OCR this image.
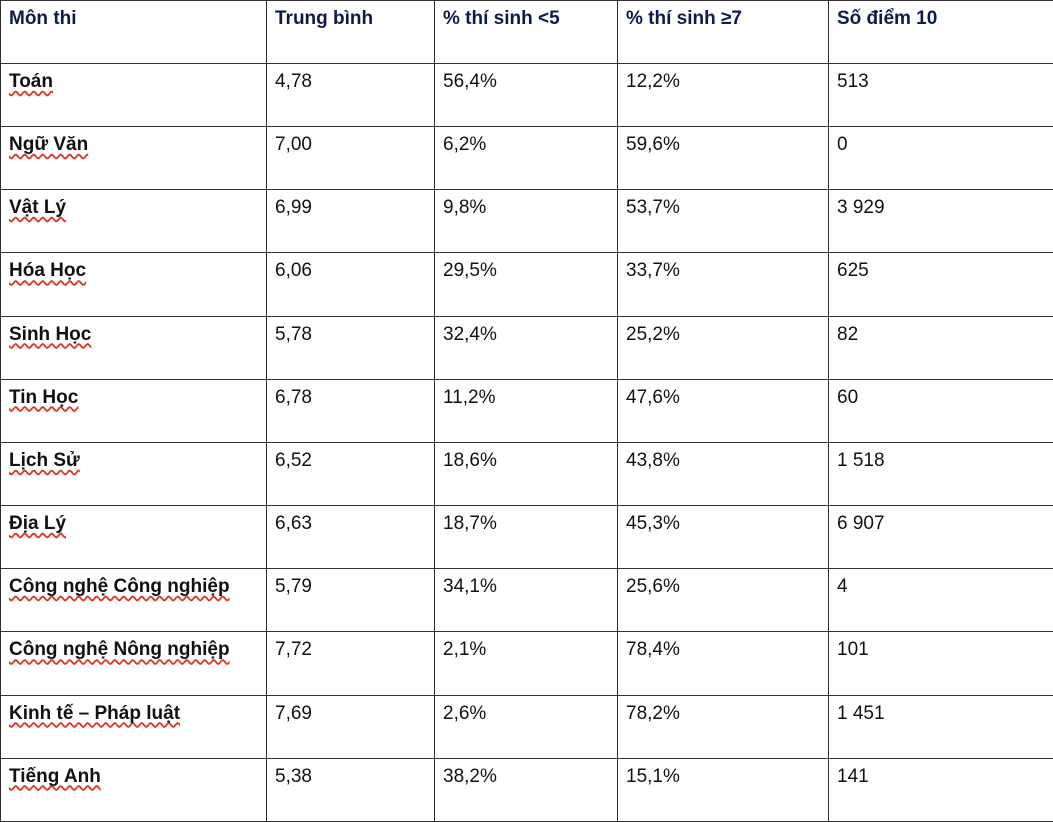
Môn thi	Trung bình	% thí sinh <5	% thí sinh ≥7	Số điểm 10
Toán	4,78	56,4%	12,2%	513
Ngữ Văn	7,00	6,2%	59,6%	0
Vật Lý	6,99	9,8%	53,7%	3 929
Hóa Học	6,06	29,5%	33,7%	625
Sinh Học	5,78	32,4%	25,2%	82
Tin Học	6,78	11,2%	47,6%	60
Lịch Sử	6,52	18,6%	43,8%	1 518
Địa Lý	6,63	18,7%	45,3%	6 907
Công nghệ Công nghiệp	5,79	34,1%	25,6%	4
Công nghệ Nông nghiệp	7,72	2,1%	78,4%	101
Kinh tế – Pháp luật	7,69	2,6%	78,2%	1 451
Tiếng Anh	5,38	38,2%	15,1%	141
